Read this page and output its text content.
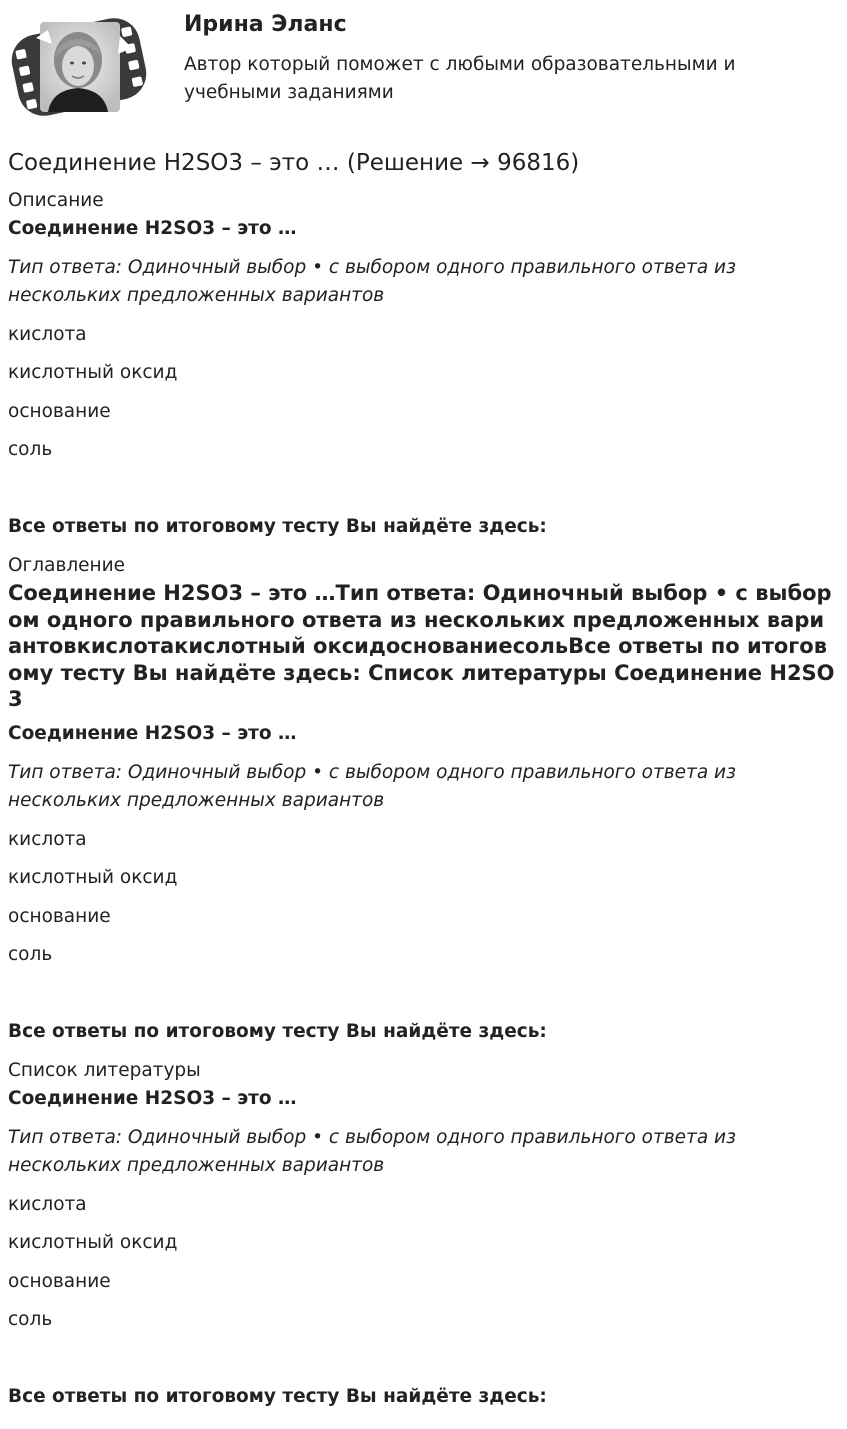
Ирина Эланс
Автор который поможет с любыми образовательными и учебными заданиями
Соединение H2SO3 – это … (Решение → 96816)
Описание
Соединение H2SO3 – это …
Тип ответа: Одиночный выбор • с выбором одного правильного ответа из нескольких предложенных вариантов
кислота
кислотный оксид
основание
соль
Все ответы по итоговому тесту Вы найдёте здесь:
Оглавление
Соединение H2SO3 – это …Тип ответа: Одиночный выбор • с выбором одного правильного ответа из нескольких предложенных вариантовкислотакислотный оксидоснованиесольВсе ответы по итоговому тесту Вы найдёте здесь: Список литературы Соединение H2SO3
Соединение H2SO3 – это …
Тип ответа: Одиночный выбор • с выбором одного правильного ответа из нескольких предложенных вариантов
кислота
кислотный оксид
основание
соль
Все ответы по итоговому тесту Вы найдёте здесь:
Список литературы
Соединение H2SO3 – это …
Тип ответа: Одиночный выбор • с выбором одного правильного ответа из нескольких предложенных вариантов
кислота
кислотный оксид
основание
соль
Все ответы по итоговому тесту Вы найдёте здесь:
